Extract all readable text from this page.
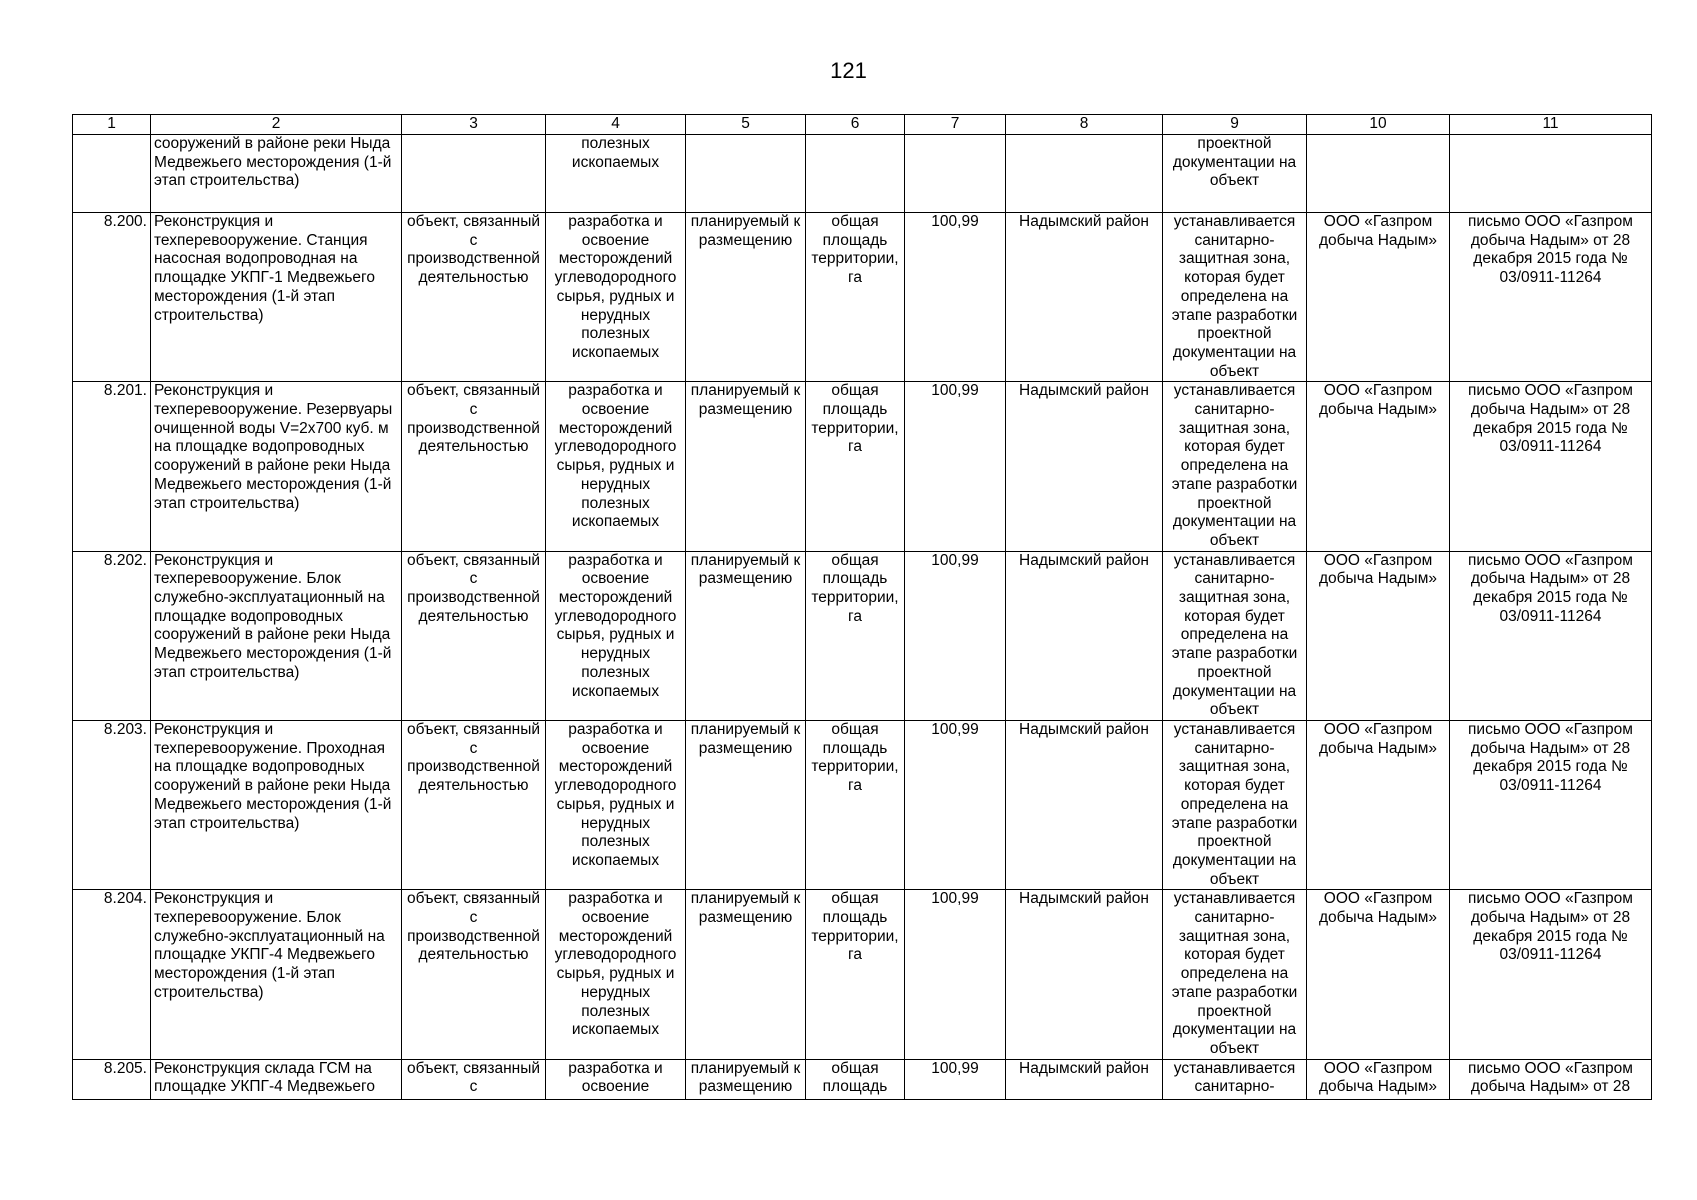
121
1	2	3	4	5	6	7	8	9	10	11
	сооружений в районе реки Ныда Медвежьего месторождения (1-й этап строительства)		полезных ископаемых					проектной документации на объект		
8.200.	Реконструкция и техперевооружение. Станция насосная водопроводная на площадке УКПГ-1 Медвежьего месторождения (1-й этап строительства)	объект, связанный с производственной деятельностью	разработка и освоение месторождений углеводородного сырья, рудных и нерудных полезных ископаемых	планируемый к размещению	общая площадь территории, га	100,99	Надымский район	устанавливается санитарно-защитная зона, которая будет определена на этапе разработки проектной документации на объект	ООО «Газпром добыча Надым»	письмо ООО «Газпром добыча Надым» от 28 декабря 2015 года № 03/0911-11264
8.201.	Реконструкция и техперевооружение. Резервуары очищенной воды V=2х700 куб. м на площадке водопроводных сооружений в районе реки Ныда Медвежьего месторождения (1-й этап строительства)	объект, связанный с производственной деятельностью	разработка и освоение месторождений углеводородного сырья, рудных и нерудных полезных ископаемых	планируемый к размещению	общая площадь территории, га	100,99	Надымский район	устанавливается санитарно-защитная зона, которая будет определена на этапе разработки проектной документации на объект	ООО «Газпром добыча Надым»	письмо ООО «Газпром добыча Надым» от 28 декабря 2015 года № 03/0911-11264
8.202.	Реконструкция и техперевооружение. Блок служебно-эксплуатационный на площадке водопроводных сооружений в районе реки Ныда Медвежьего месторождения (1-й этап строительства)	объект, связанный с производственной деятельностью	разработка и освоение месторождений углеводородного сырья, рудных и нерудных полезных ископаемых	планируемый к размещению	общая площадь территории, га	100,99	Надымский район	устанавливается санитарно-защитная зона, которая будет определена на этапе разработки проектной документации на объект	ООО «Газпром добыча Надым»	письмо ООО «Газпром добыча Надым» от 28 декабря 2015 года № 03/0911-11264
8.203.	Реконструкция и техперевооружение. Проходная на площадке водопроводных сооружений в районе реки Ныда Медвежьего месторождения (1-й этап строительства)	объект, связанный с производственной деятельностью	разработка и освоение месторождений углеводородного сырья, рудных и нерудных полезных ископаемых	планируемый к размещению	общая площадь территории, га	100,99	Надымский район	устанавливается санитарно-защитная зона, которая будет определена на этапе разработки проектной документации на объект	ООО «Газпром добыча Надым»	письмо ООО «Газпром добыча Надым» от 28 декабря 2015 года № 03/0911-11264
8.204.	Реконструкция и техперевооружение. Блок служебно-эксплуатационный на площадке УКПГ-4 Медвежьего месторождения (1-й этап строительства)	объект, связанный с производственной деятельностью	разработка и освоение месторождений углеводородного сырья, рудных и нерудных полезных ископаемых	планируемый к размещению	общая площадь территории, га	100,99	Надымский район	устанавливается санитарно-защитная зона, которая будет определена на этапе разработки проектной документации на объект	ООО «Газпром добыча Надым»	письмо ООО «Газпром добыча Надым» от 28 декабря 2015 года № 03/0911-11264
8.205.	Реконструкция склада ГСМ на площадке УКПГ-4 Медвежьего	объект, связанный с	разработка и освоение	планируемый к размещению	общая площадь	100,99	Надымский район	устанавливается санитарно-	ООО «Газпром добыча Надым»	письмо ООО «Газпром добыча Надым» от 28
